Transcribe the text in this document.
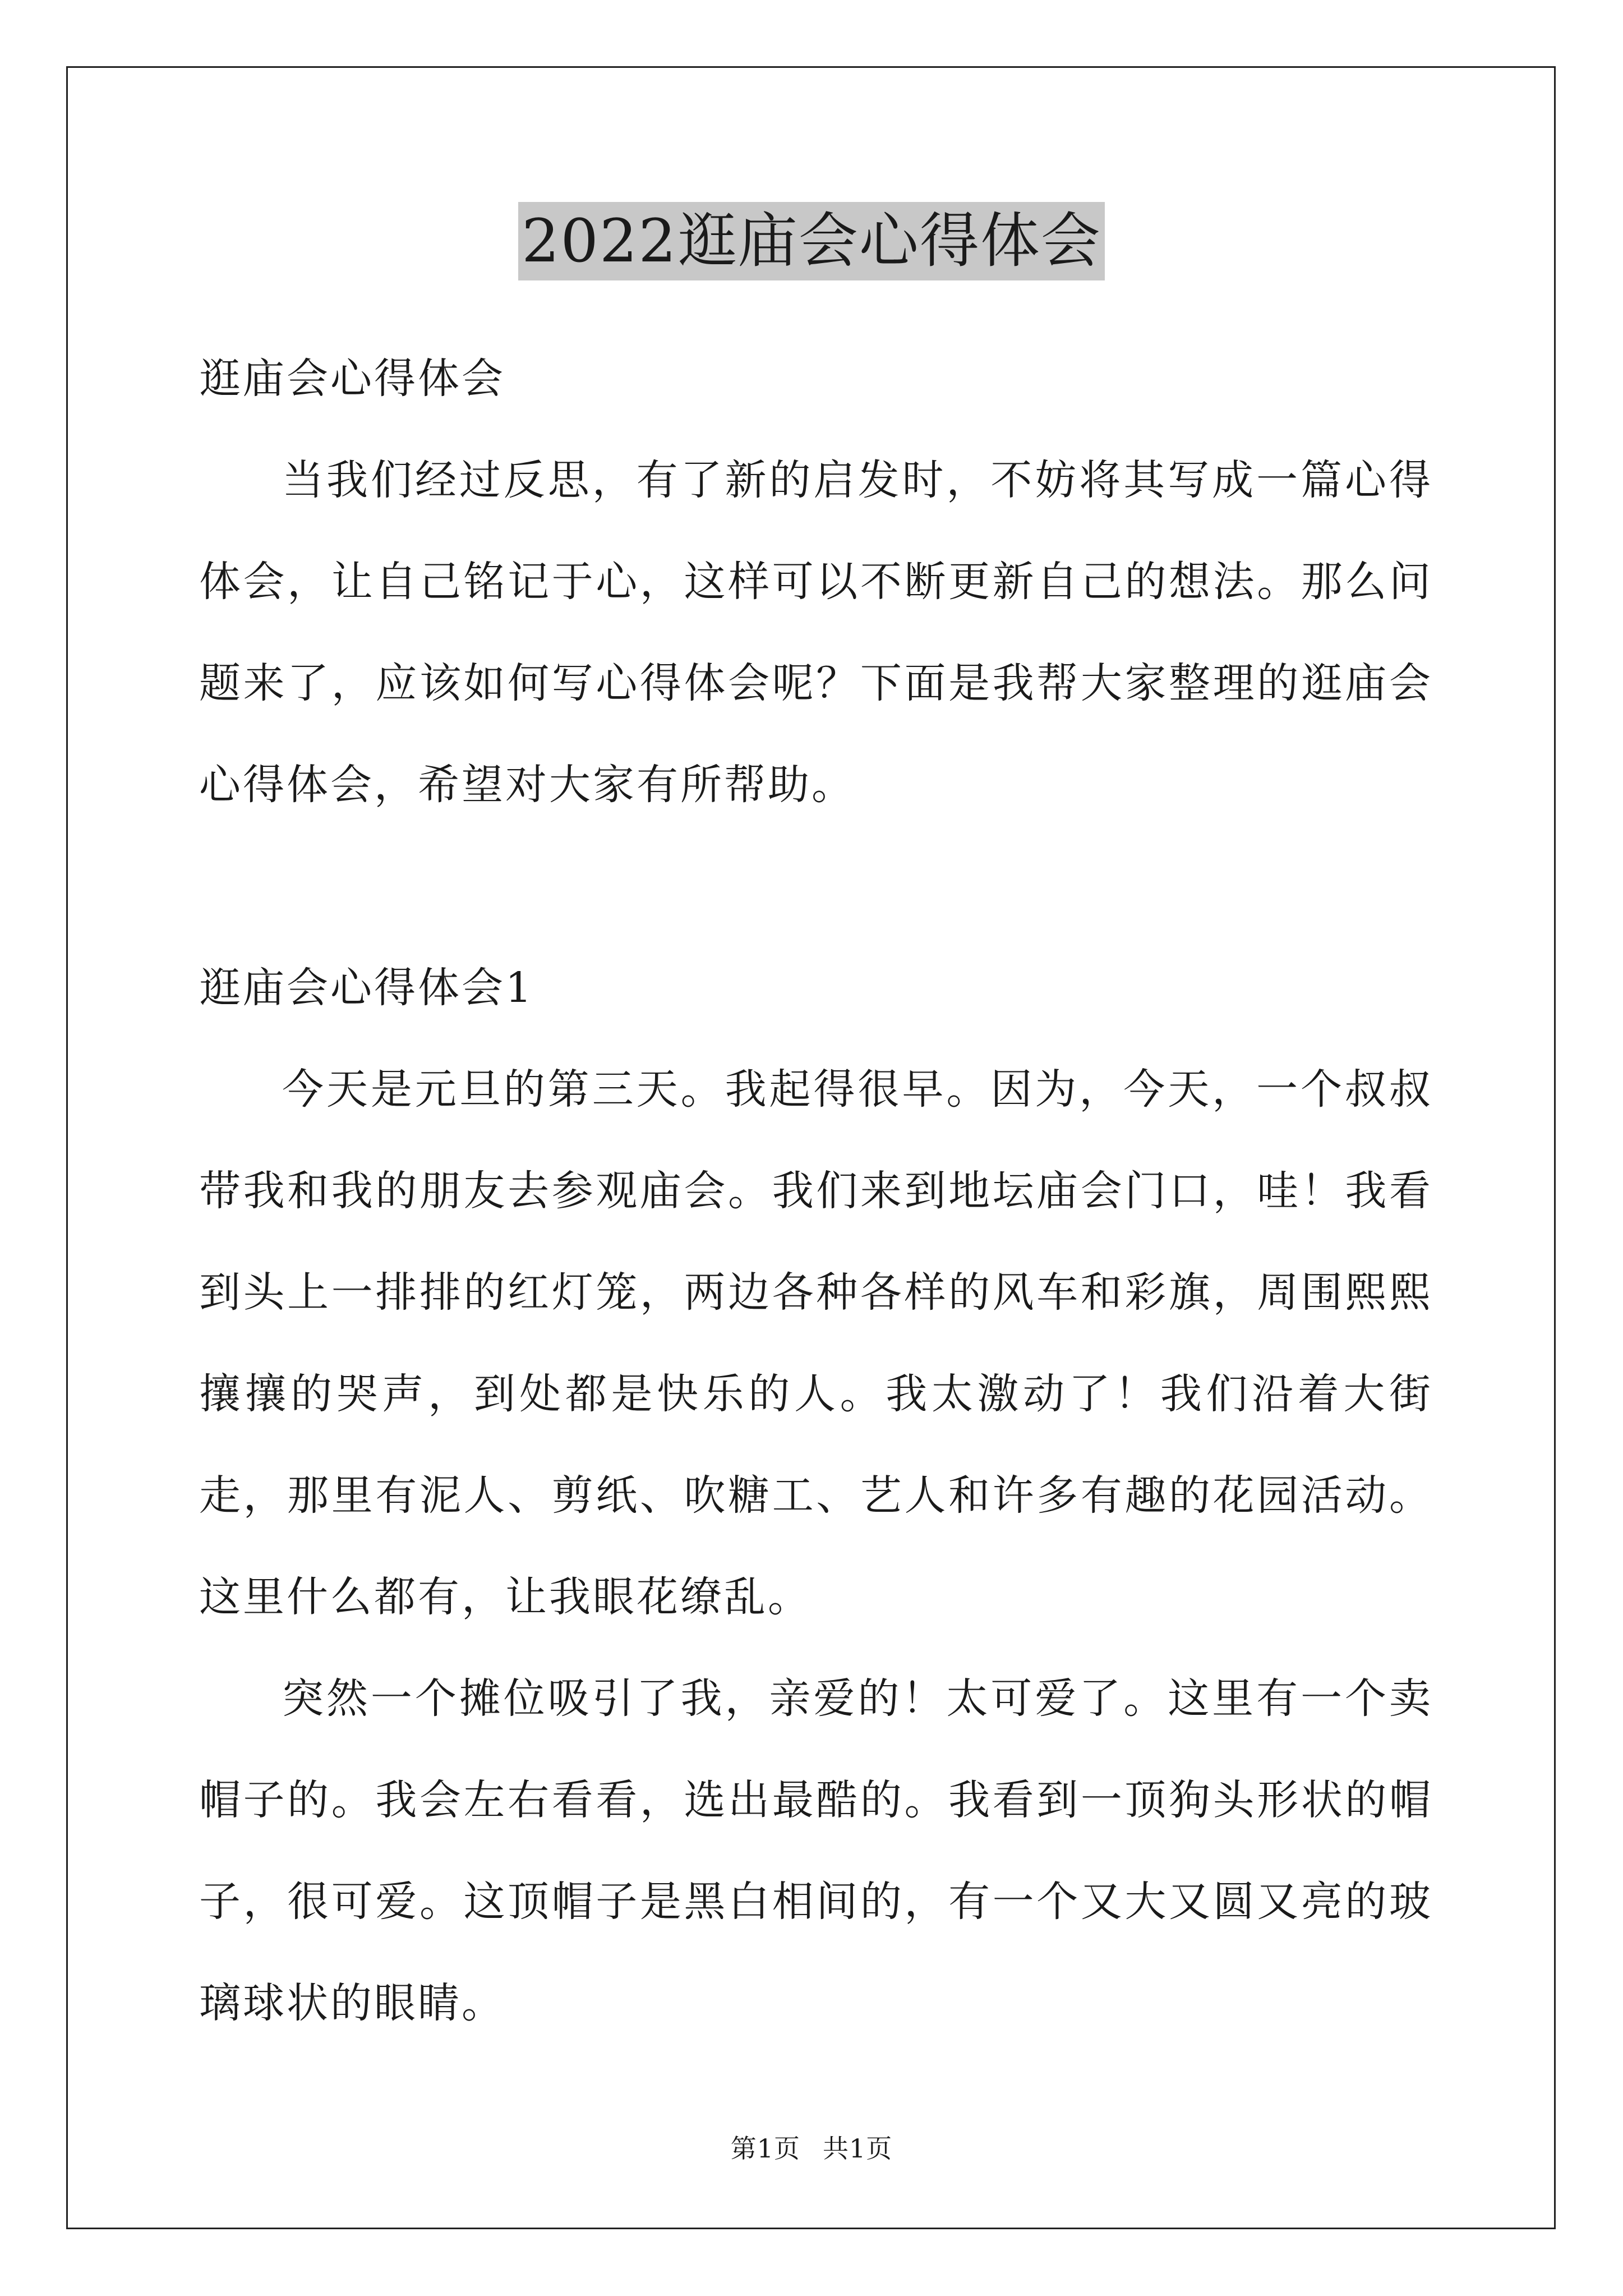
2022逛庙会心得体会

逛庙会心得体会

当我们经过反思，有了新的启发时，不妨将其写成一篇心得体会，让自己铭记于心，这样可以不断更新自己的想法。那么问题来了，应该如何写心得体会呢？下面是我帮大家整理的逛庙会心得体会，希望对大家有所帮助。

逛庙会心得体会1

今天是元旦的第三天。我起得很早。因为，今天，一个叔叔带我和我的朋友去参观庙会。我们来到地坛庙会门口，哇！我看到头上一排排的红灯笼，两边各种各样的风车和彩旗，周围熙熙攘攘的哭声，到处都是快乐的人。我太激动了！我们沿着大街走，那里有泥人、剪纸、吹糖工、艺人和许多有趣的花园活动。这里什么都有，让我眼花缭乱。

突然一个摊位吸引了我，亲爱的！太可爱了。这里有一个卖帽子的。我会左右看看，选出最酷的。我看到一顶狗头形状的帽子，很可爱。这顶帽子是黑白相间的，有一个又大又圆又亮的玻璃球状的眼睛。

第1页 共1页
